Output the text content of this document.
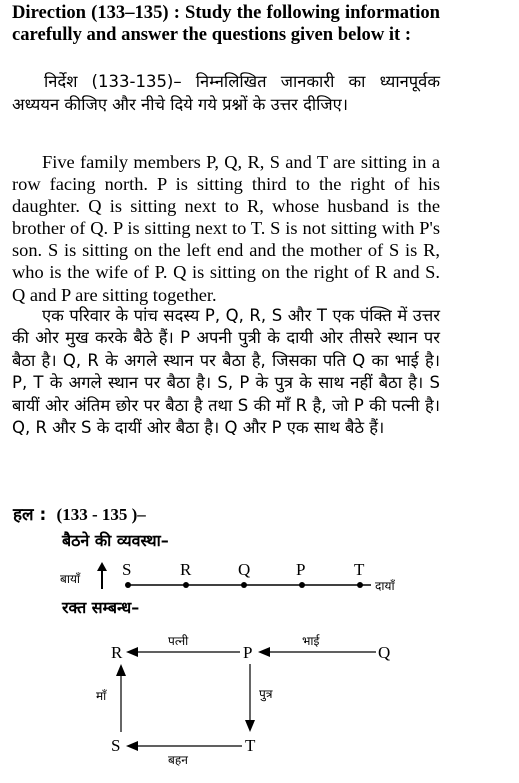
Direction (133–135) : Study the following information carefully and answer the questions given below it :
निर्देश (133-135)– निम्नलिखित जानकारी का ध्यानपूर्वक अध्ययन कीजिए और नीचे दिये गये प्रश्नों के उत्तर दीजिए।
Five family members P, Q, R, S and T are sitting in a row facing north. P is sitting third to the right of his daughter. Q is sitting next to R, whose husband is the brother of Q. P is sitting next to T. S is not sitting with P's son. S is sitting on the left end and the mother of S is R, who is the wife of P. Q is sitting on the right of R and S. Q and P are sitting together.
एक परिवार के पांच सदस्य P, Q, R, S और T एक पंक्ति में उत्तर की ओर मुख करके बैठे हैं। P अपनी पुत्री के दायी ओर तीसरे स्थान पर बैठा है। Q, R के अगले स्थान पर बैठा है, जिसका पति Q का भाई है। P, T के अगले स्थान पर बैठा है। S, P के पुत्र के साथ नहीं बैठा है। S बायीं ओर अंतिम छोर पर बैठा है तथा S की माँ R है, जो P की पत्नी है। Q, R और S के दायीं ओर बैठा है। Q और P एक साथ बैठे हैं।
हल : (133 - 135 )–
बैठने की व्यवस्था–
बायाँ S	R	Q	P	T
दायाँ
रक्त सम्बन्ध–
R	P	Q
S	T
पत्नी	भाई
माँ	पुत्र
बहन
